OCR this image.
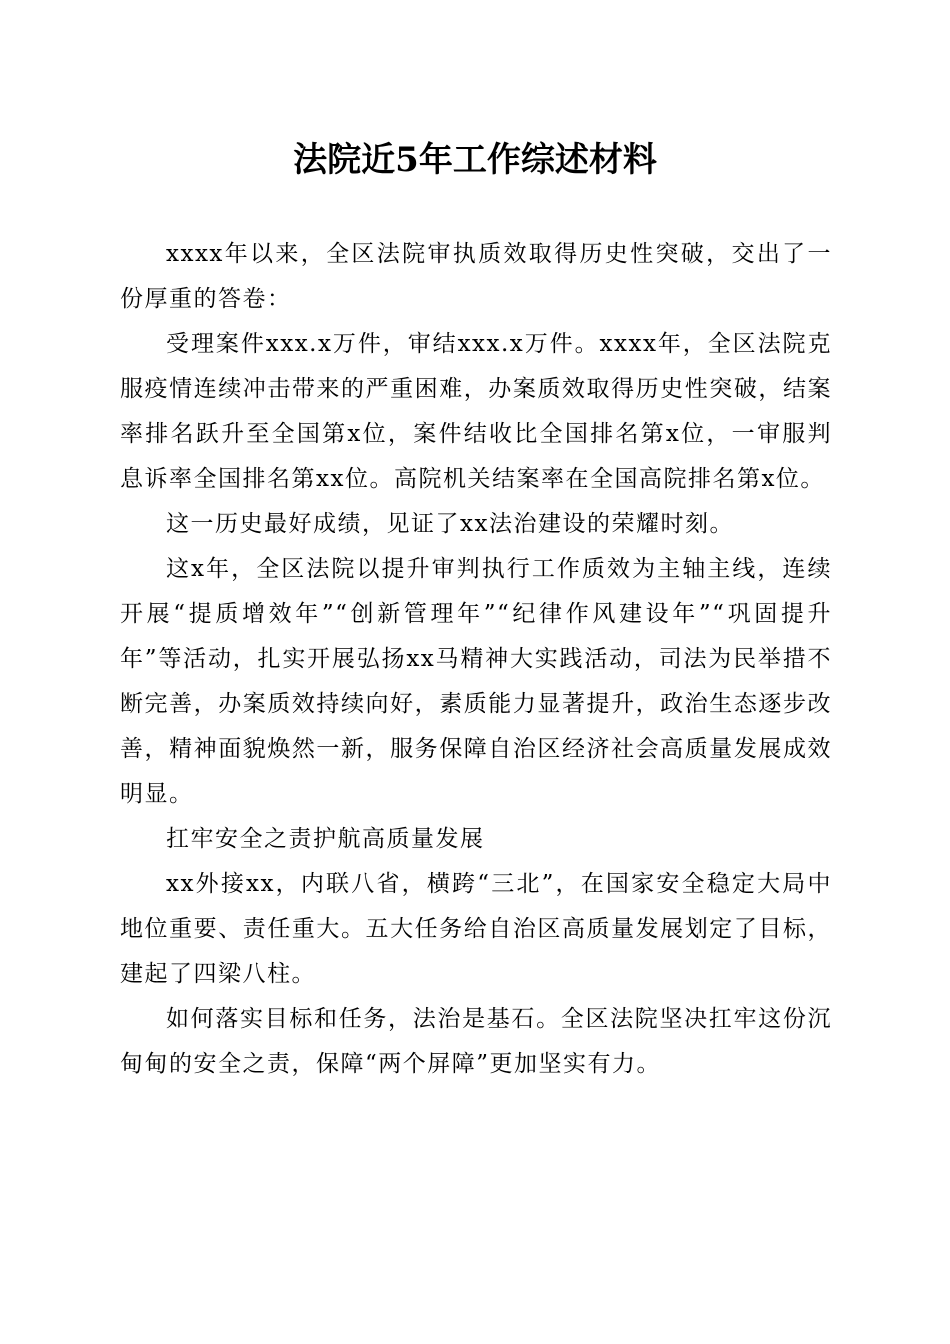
法院近5年工作综述材料

xxxx年以来，全区法院审执质效取得历史性突破，交出了一份厚重的答卷：

受理案件xxx.x万件，审结xxx.x万件。xxxx年，全区法院克服疫情连续冲击带来的严重困难，办案质效取得历史性突破，结案率排名跃升至全国第x位，案件结收比全国排名第x位，一审服判息诉率全国排名第xx位。高院机关结案率在全国高院排名第x位。

这一历史最好成绩，见证了xx法治建设的荣耀时刻。

这x年，全区法院以提升审判执行工作质效为主轴主线，连续开展“提质增效年”“创新管理年”“纪律作风建设年”“巩固提升年”等活动，扎实开展弘扬xx马精神大实践活动，司法为民举措不断完善，办案质效持续向好，素质能力显著提升，政治生态逐步改善，精神面貌焕然一新，服务保障自治区经济社会高质量发展成效明显。

扛牢安全之责护航高质量发展

xx外接xx，内联八省，横跨“三北”，在国家安全稳定大局中地位重要、责任重大。五大任务给自治区高质量发展划定了目标，建起了四梁八柱。

如何落实目标和任务，法治是基石。全区法院坚决扛牢这份沉甸甸的安全之责，保障“两个屏障”更加坚实有力。
